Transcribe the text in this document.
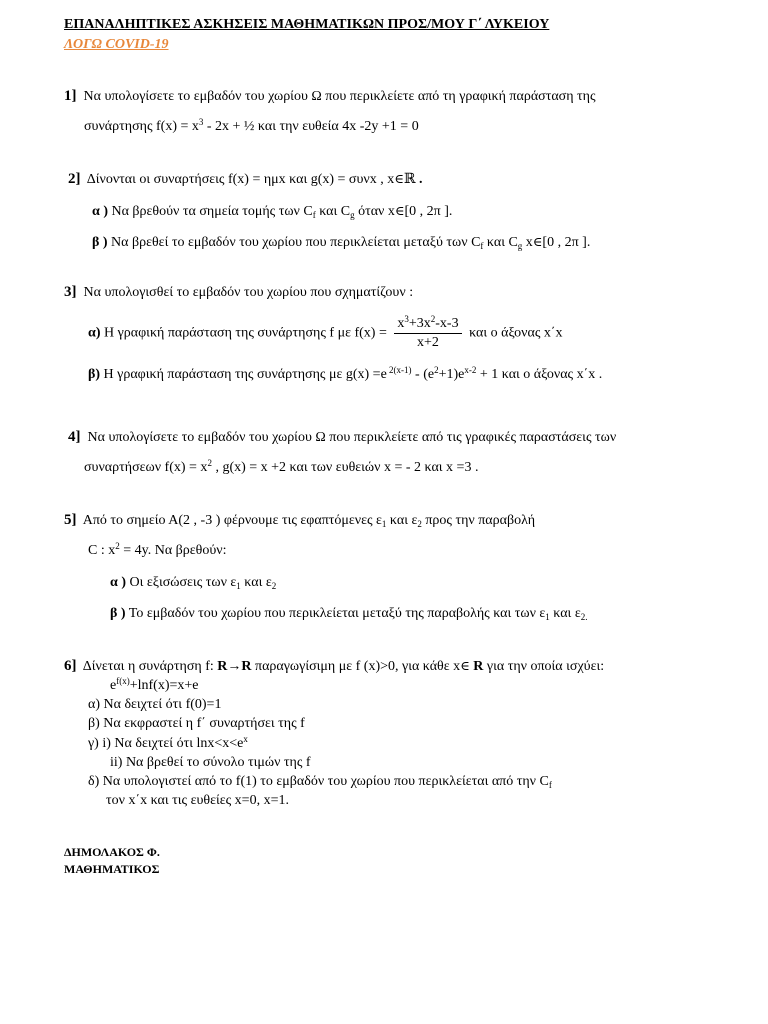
ΕΠΑΝΑΛΗΠΤΙΚΕΣ ΑΣΚΗΣΕΙΣ ΜΑΘΗΜΑΤΙΚΩΝ ΠΡΟΣ/ΜΟΥ Γ΄ ΛΥΚΕΙΟΥ
ΛΟΓΩ COVID-19
1] Να υπολογίσετε το εμβαδόν του χωρίου Ω που περικλείετε από τη γραφική παράσταση της
συνάρτησης $f(x) = x^3 - 2x$ + ½ και την ευθεία 4x -2y +1 = 0
2] Δίνονται οι συναρτήσεις f(x) = ημx και g(x) = συνx , x∈ℝ .
α ) Να βρεθούν τα σημεία τομής των $C_f$ και $C_g$ όταν x∈[0 , 2π ].
β ) Να βρεθεί το εμβαδόν του χωρίου που περικλείεται μεταξύ των $C_f$ και $C_g$ x∈[0 , 2π ].
3] Να υπολογισθεί το εμβαδόν του χωρίου που σχηματίζουν :
α) Η γραφική παράσταση της συνάρτησης f με $f(x) = \frac{x^3+3x^2-x-3}{x+2}$ και ο άξονας x΄x
β) Η γραφική παράσταση της συνάρτησης με g(x) =e $^{2(x-1)} - (e^2+1)e^{x-2} + 1$ και ο άξονας x΄x .
4] Να υπολογίσετε το εμβαδόν του χωρίου Ω που περικλείετε από τις γραφικές παραστάσεις των
συναρτήσεων $f(x) = x^2$ , g(x) = x +2 και των ευθειών x = - 2 και x =3 .
5] Από το σημείο Α(2 , -3 ) φέρνουμε τις εφαπτόμενες $\varepsilon_1$ και $\varepsilon_2$ προς την παραβολή
C : $x^2 = 4y$. Να βρεθούν:
α ) Οι εξισώσεις των $\varepsilon_1$ και $\varepsilon_2$
β ) Το εμβαδόν του χωρίου που περικλείεται μεταξύ της παραβολής και των $\varepsilon_1$ και $\varepsilon_{2.}$
6] Δίνεται η συνάρτηση f: R→R παραγωγίσιμη με f (x)>0, για κάθε x∈ R για την οποία ισχύει:
$e^{f(x)}+\ln f(x)=x+e$
α) Να δειχτεί ότι f(0)=1
β) Να εκφραστεί η f΄ συναρτήσει της f
γ) i) Να δειχτεί ότι $\ln x<x<e^x$
ii) Να βρεθεί το σύνολο τιμών της f
δ) Να υπολογιστεί από το f(1) το εμβαδόν του χωρίου που περικλείεται από την $C_f$
τον x΄x και τις ευθείες x=0, x=1.
ΔΗΜΟΛΑΚΟΣ Φ.
ΜΑΘΗΜΑΤΙΚΟΣ
